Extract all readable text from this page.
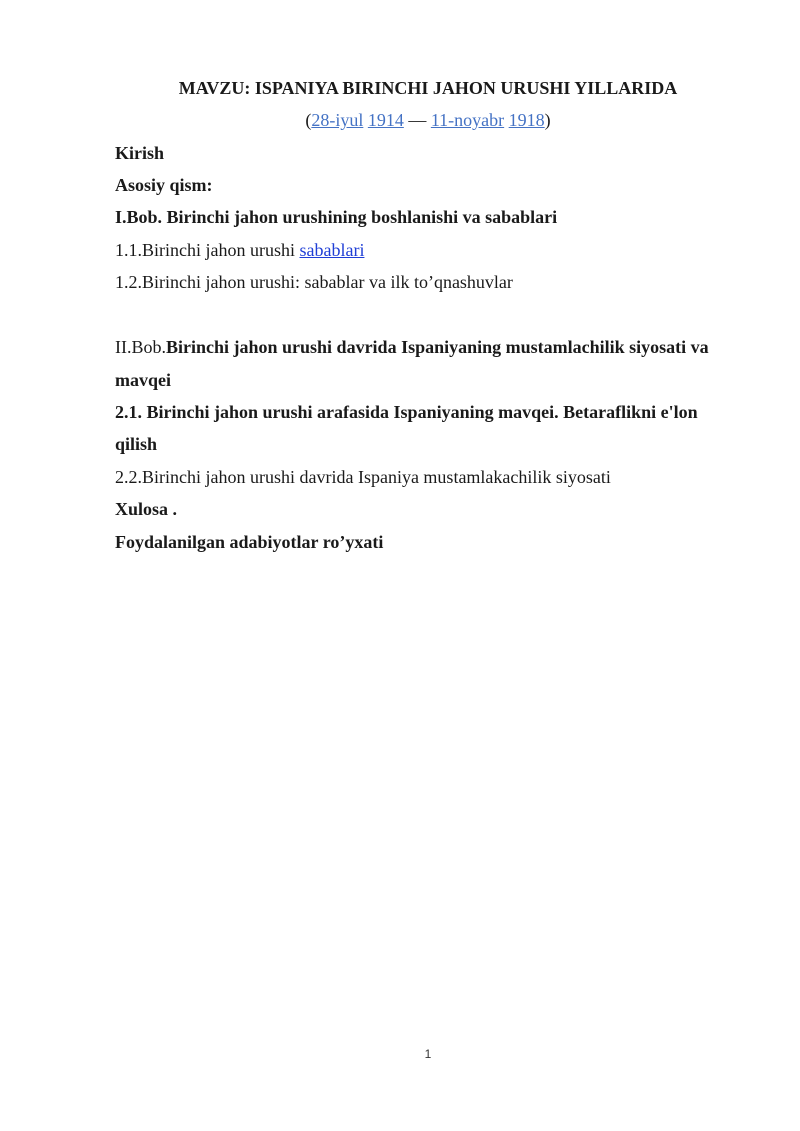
MAVZU: ISPANIYA BIRINCHI JAHON URUSHI YILLARIDA
(28-iyul 1914 — 11-noyabr 1918)
Kirish
Asosiy qism:
I.Bob. Birinchi jahon urushining boshlanishi va sabablari
1.1.Birinchi jahon urushi sabablari
1.2.Birinchi jahon urushi: sabablar va ilk to’qnashuvlar
II.Bob.Birinchi jahon urushi davrida Ispaniyaning mustamlachilik siyosati va
mavqei
2.1. Birinchi jahon urushi arafasida Ispaniyaning mavqei. Betaraflikni e'lon
qilish
2.2.Birinchi jahon urushi davrida Ispaniya mustamlakachilik siyosati
Xulosa .
Foydalanilgan adabiyotlar ro’yxati
1
